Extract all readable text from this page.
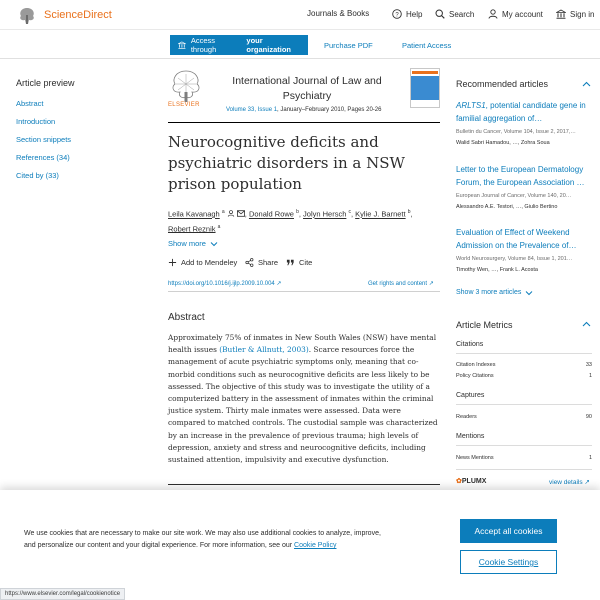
ScienceDirect	Journals & Books	? Help	Search	My account	Sign in
Access through
your organization	Purchase PDF	Patient Access
Article preview
Abstract
Introduction
Section snippets
References (34)
Cited by (33)
ELSEVIER
International Journal of Law and Psychiatry
Volume 33, Issue 1, January–February 2010, Pages 20-26
Neurocognitive deficits and psychiatric disorders in a NSW prison population
Leila Kavanagh $^a$	, Donald Rowe $^b$, Jolyn Hersch $^c$, Kylie J. Barnett $^b$,
Robert Reznik $^a$
Show more
Add to Mendeley	Share	Cite
https://doi.org/10.1016/j.ijlp.2009.10.004 ↗	Get rights and content ↗
Abstract
Approximately 75% of inmates in New South Wales (NSW) have mental health issues (Butler & Allnutt, 2003). Scarce resources force the management of acute psychiatric symptoms only, meaning that co-morbid conditions such as neurocognitive deficits are less likely to be assessed. The objective of this study was to investigate the utility of a computerized battery in the assessment of inmates within the criminal justice system. Thirty male inmates were assessed. Data were compared to matched controls. The custodial sample was characterized by an increase in the prevalence of previous trauma; high levels of depression, anxiety and stress and neurocognitive deficits, including sustained attention, impulsivity and executive dysfunction.
Recommended articles
ARLTS1, potential candidate gene in familial aggregation of…
Bulletin du Cancer, Volume 104, Issue 2, 2017,…
Walid Sabri Hamadou, …, Zohra Soua
Letter to the European Dermatology Forum, the European Association …
European Journal of Cancer, Volume 140, 20…
Alessandro A.E. Testori, …, Giulio Bertino
Evaluation of Effect of Weekend Admission on the Prevalence of…
World Neurosurgery, Volume 84, Issue 1, 201…
Timothy Wen, …, Frank L. Acosta
Show 3 more articles
Article Metrics
Citations
Citation Indexes	33
Policy Citations	1
Captures
Readers	90
Mentions
News Mentions	1
✿PLUMX	view details ↗
We use cookies that are necessary to make our site work. We may also use additional cookies to analyze, improve, and personalize our content and your digital experience. For more information, see our Cookie Policy
Accept all cookies
Cookie Settings
https://www.elsevier.com/legal/cookienotice
